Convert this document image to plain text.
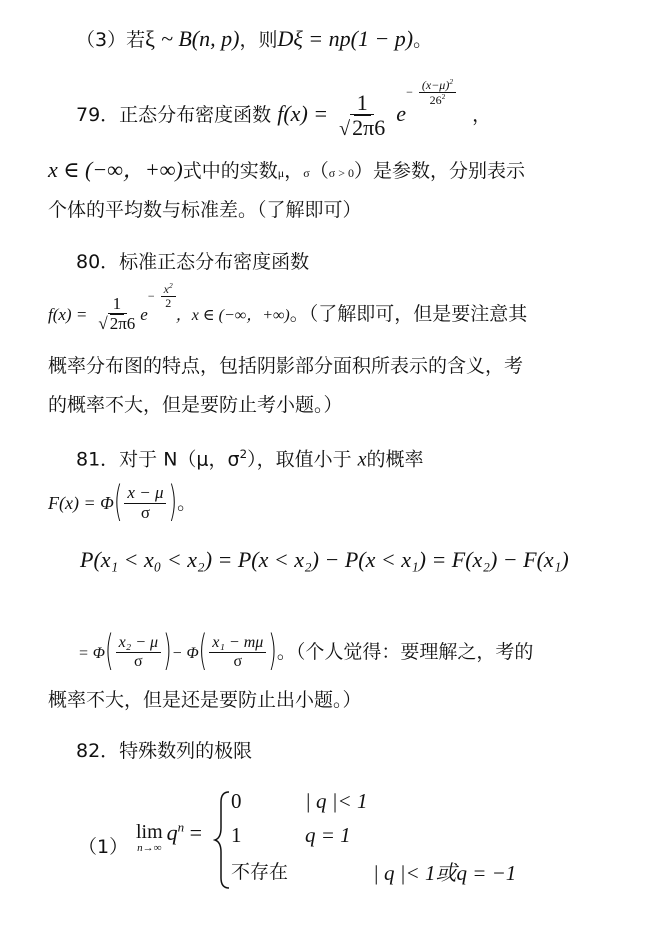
（3）若ξ ~ B(n, p)，则Dξ = np(1 − p)。
79．正态分布密度函数 $f(x) = \frac{1}{√2\pi 6} e- \frac{(x-\mu)^2}{26^2}$
，
x ∈ (−∞，+∞)式中的实数μ，σ（σ > 0）是参数，分别表示
个体的平均数与标准差。（了解即可）
80．标准正态分布密度函数
$f(x) = \frac{1}{√ 2\pi 6} e- \frac{x^2}{2}$
，x ∈ (−∞，+∞)。（了解即可，但是要注意其
概率分布图的特点，包括阴影部分面积所表示的含义，考
的概率不大，但是要防止考小题。）
81．对于 N（μ，$\sigma^2$），取值小于 x的概率
$F(x) = \Phi( \frac{x - \mu}{\sigma}$ )。
P(x₁ < x₀ < x₂) = P(x < x₂) − P(x < x₁) = F(x₂) − F(x₁)
= $\Phi( \frac{\text{x₂ − μ}}{\sigma}$ )− $\Phi( \frac{\text{x₁ − mμ}}{\sigma}$ )。（个人觉得：要理解之，考的
概率不大，但是还是要防止出小题。）
82．特殊数列的极限
（1）
lim
n→∞
$q^n$ =
0	| q |< 1
1	q = 1
不存在	| q |< 1或q = −1
